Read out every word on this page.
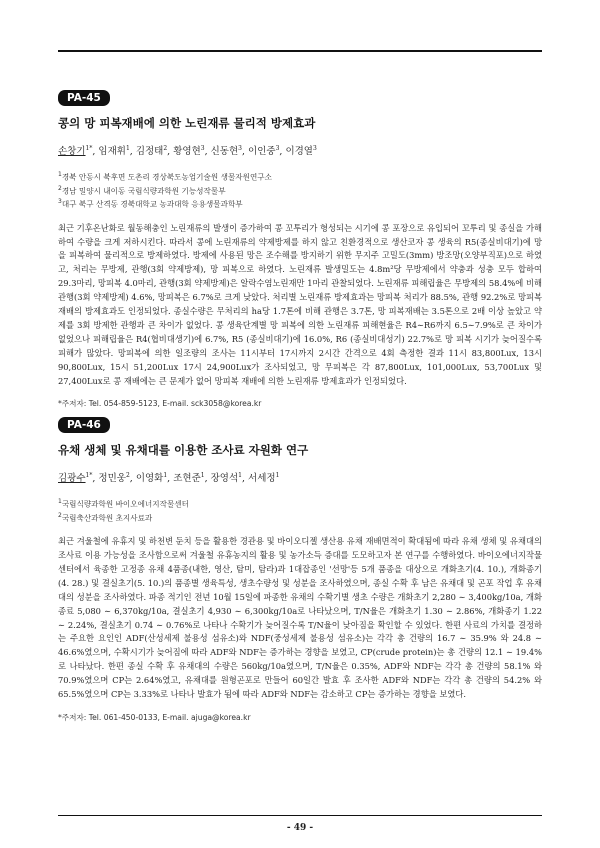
PA-45
콩의 망 피복재배에 의한 노린재류 물리적 방제효과
손창기$^{1*}$, 임재휘$^1$, 김정태$^2$, 황영현$^3$, 신동현$^3$, 이인중$^3$, 이경열$^3$
$^1$경북 안동시 북후면 도촌리 경상북도농업기술원 생물자원연구소
$^2$경남 밀양시 내이동 국립식량과학원 기능성작물부
$^3$대구 북구 산격동 경북대학교 농과대학 응용생물과학부
최근 기후온난화로 월동해충인 노린재류의 발생이 증가하여 콩 꼬투리가 형성되는 시기에 콩 포장으로 유입되어 꼬투리 및 종실을 가해하여 수량을 크게 저하시킨다. 따라서 콩에 노린재류의 약제방제를 하지 않고 친환경적으로 생산코자 콩 생육의 R5(종실비대기)에 망을 피복하여 물리적으로 방제하였다. 방제에 사용된 망은 조수해를 방지하기 위한 무지주 고밀도(3mm) 방조망(오양부직포)으로 하였고, 처리는 무방제, 관행(3회 약제방제), 망 피복으로 하였다. 노린재류 발생밀도는 4.8m²당 무방제에서 약충과 성충 모두 합하여 29.3마리, 망피복 4.0마리, 관행(3회 약제방제)은 알락수염노린재만 1마리 관찰되었다. 노린재류 피해립율은 무방제의 58.4%에 비해 관행(3회 약제방제) 4.6%, 망피복은 6.7%로 크게 낮았다. 처리별 노린재류 방제효과는 망피복 처리가 88.5%, 관행 92.2%로 망피복재배의 방제효과도 인정되었다. 종실수량은 무처리의 ha당 1.7톤에 비해 관행은 3.7톤, 망 피복재배는 3.5톤으로 2배 이상 높았고 약제를 3회 방제한 관행과 큰 차이가 없었다. 콩 생육단계별 망 피복에 의한 노린재류 피해현율은 R4∼R6까지 6.5∼7.9%로 큰 차이가 없었으나 피해립율은 R4(협비대생기)에 6.7%, R5 (종실비대기)에 16.0%, R6 (종실비대성기) 22.7%로 망 피복 시기가 늦어질수록 피해가 많았다. 망피복에 의한 일조량의 조사는 11시부터 17시까지 2시간 간격으로 4회 측정한 결과 11시 83,800Lux, 13시 90,800Lux, 15시 51,200Lux 17시 24,900Lux가 조사되었고, 망 무피복은 각 87,800Lux, 101,000Lux, 53,700Lux 및 27,400Lux로 콩 재배에는 큰 문제가 없어 망피복 재배에 의한 노린재류 방제효과가 인정되었다.
*주저자: Tel. 054-859-5123, E-mail. sck3058@korea.kr
PA-46
유채 생체 및 유채대를 이용한 조사료 자원화 연구
김광수$^{1*}$, 정민웅$^2$, 이영화$^1$, 조현준$^1$, 장영석$^1$, 서세정$^1$
$^1$국립식량과학원 바이오에너지작물센터
$^2$국립축산과학원 초지사료과
최근 겨울철에 유휴지 및 하천변 둔치 등을 활용한 경관용 및 바이오디젤 생산용 유채 재배면적이 확대됨에 따라 유채 생체 및 유채대의 조사료 이용 가능성을 조사함으로써 겨울철 유휴농지의 활용 및 농가소득 증대를 도모하고자 본 연구를 수행하였다. 바이오에너지작물센터에서 육종한 고정종 유채 4품종(내한, 영산, 탐미, 탐라)과 1대잡종인 '선망'등 5개 품종을 대상으로 개화초기(4. 10.), 개화종기(4. 28.) 및 결실초기(5. 10.)의 품종별 생육특성, 생초수량성 및 성분을 조사하였으며, 종실 수확 후 남은 유채대 및 곤포 작업 후 유채대의 성분을 조사하였다. 파종 적기인 전년 10월 15일에 파종한 유채의 수확기별 생초 수량은 개화초기 2,280 ∼ 3,400kg/10a, 개화종료 5,080 ∼ 6,370kg/10a, 결실초기 4,930 ∼ 6,300kg/10a로 나타났으며, T/N율은 개화초기 1.30 ∼ 2.86%, 개화종기 1.22 ∼ 2.24%, 결실초기 0.74 ∼ 0.76%로 나타나 수확기가 늦어질수록 T/N율이 낮아짐을 확인할 수 있었다. 한편 사료의 가치를 결정하는 주요한 요인인 ADF(산성세제 불용성 섬유소)와 NDF(중성세제 불용성 섬유소)는 각각 총 건량의 16.7 ∼ 35.9% 와 24.8 ∼ 46.6%였으며, 수확시기가 늦어짐에 따라 ADF와 NDF는 증가하는 경향을 보였고, CP(crude protein)는 총 건량의 12.1 ∼ 19.4%로 나타났다. 한편 종실 수확 후 유채대의 수량은 560kg/10a였으며, T/N율은 0.35%, ADF와 NDF는 각각 총 건량의 58.1% 와 70.9%였으며 CP는 2.64%였고, 유채대를 원형곤포로 만들어 60일간 발효 후 조사한 ADF와 NDF는 각각 총 건량의 54.2% 와 65.5%였으며 CP는 3.33%로 나타나 발효가 됨에 따라 ADF와 NDF는 감소하고 CP는 증가하는 경향을 보였다.
*주저자: Tel. 061-450-0133, E-mail. ajuga@korea.kr
- 49 -
